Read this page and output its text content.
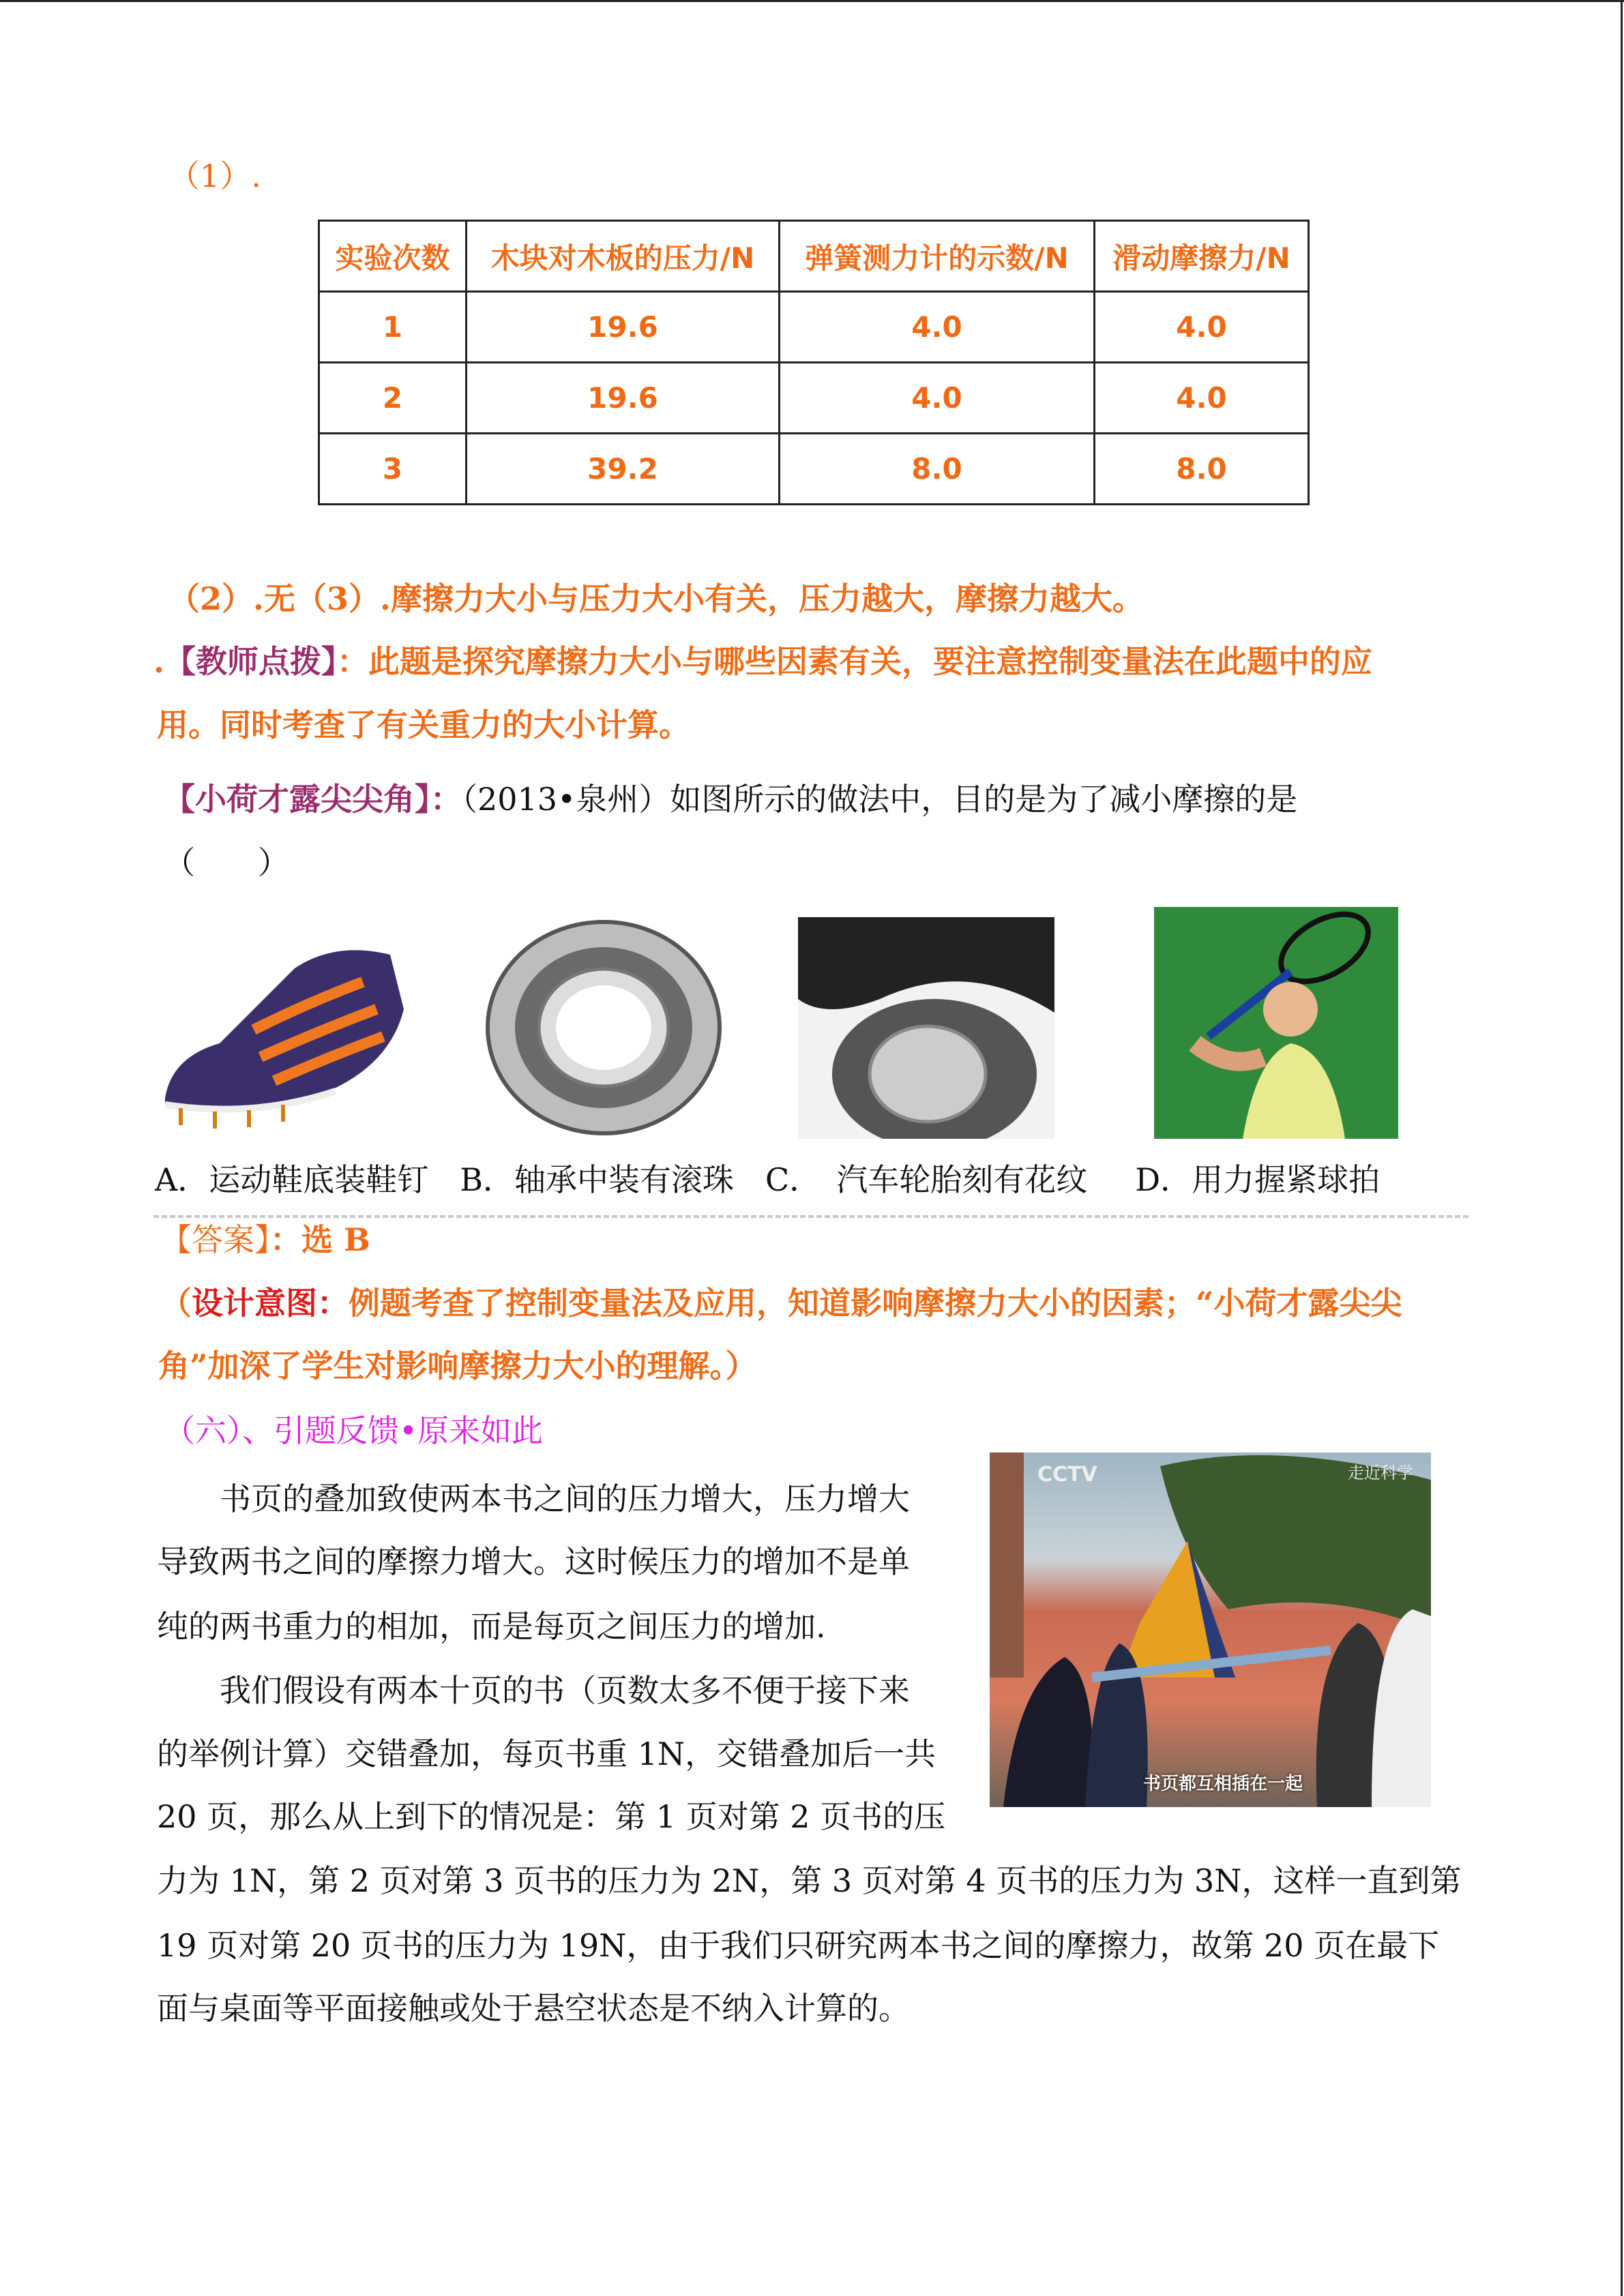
（1）.
实验次数	木块对木板的压力/N	弹簧测力计的示数/N	滑动摩擦力/N
1	19.6	4.0	4.0
2	19.6	4.0	4.0
3	39.2	8.0	8.0
（2）.无（3）.摩擦力大小与压力大小有关，压力越大，摩擦力越大。
.【教师点拨】：此题是探究摩擦力大小与哪些因素有关，要注意控制变量法在此题中的应
用。同时考查了有关重力的大小计算。
【小荷才露尖尖角】：（2013•泉州）如图所示的做法中，目的是为了减小摩擦的是
（　　）
A．运动鞋底装鞋钉 B．轴承中装有滚珠 C．　汽车轮胎刻有花纹 D．用力握紧球拍
【答案】：选 B
（设计意图：例题考查了控制变量法及应用，知道影响摩擦力大小的因素；“小荷才露尖尖
角”加深了学生对影响摩擦力大小的理解。）
（六）、引题反馈•原来如此
　　书页的叠加致使两本书之间的压力增大，压力增大
导致两书之间的摩擦力增大。这时候压力的增加不是单
纯的两书重力的相加，而是每页之间压力的增加.
　　我们假设有两本十页的书（页数太多不便于接下来
的举例计算）交错叠加，每页书重 1N，交错叠加后一共
20 页，那么从上到下的情况是：第 1 页对第 2 页书的压
力为 1N，第 2 页对第 3 页书的压力为 2N，第 3 页对第 4 页书的压力为 3N，这样一直到第
19 页对第 20 页书的压力为 19N，由于我们只研究两本书之间的摩擦力，故第 20 页在最下
面与桌面等平面接触或处于悬空状态是不纳入计算的。
CCTV	走近科学
书页都互相插在一起
